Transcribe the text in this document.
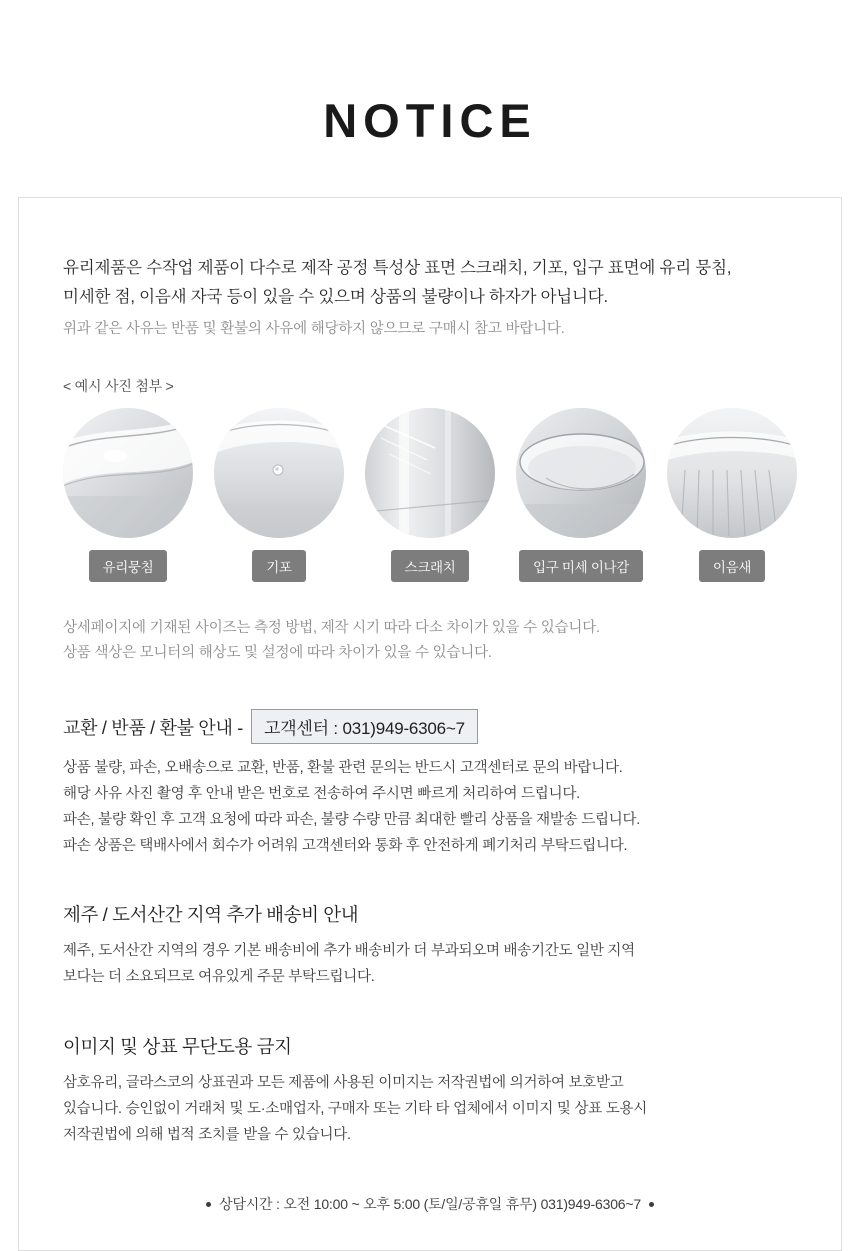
NOTICE
유리제품은 수작업 제품이 다수로 제작 공정 특성상 표면 스크래치, 기포, 입구 표면에 유리 뭉침,
미세한 점, 이음새 자국 등이 있을 수 있으며 상품의 불량이나 하자가 아닙니다.
위과 같은 사유는 반품 및 환불의 사유에 해당하지 않으므로 구매시 참고 바랍니다.
< 예시 사진 첨부 >
유리뭉침	기포	스크래치	입구 미세 이나감	이음새
상세페이지에 기재된 사이즈는 측정 방법, 제작 시기 따라 다소 차이가 있을 수 있습니다.
상품 색상은 모니터의 해상도 및 설정에 따라 차이가 있을 수 있습니다.
교환 / 반품 / 환불 안내 -	고객센터 : 031)949-6306~7
상품 불량, 파손, 오배송으로 교환, 반품, 환불 관련 문의는 반드시 고객센터로 문의 바랍니다.
해당 사유 사진 촬영 후 안내 받은 번호로 전송하여 주시면 빠르게 처리하여 드립니다.
파손, 불량 확인 후 고객 요청에 따라 파손, 불량 수량 만큼 최대한 빨리 상품을 재발송 드립니다.
파손 상품은 택배사에서 회수가 어려워 고객센터와 통화 후 안전하게 폐기처리 부탁드립니다.
제주 / 도서산간 지역 추가 배송비 안내
제주, 도서산간 지역의 경우 기본 배송비에 추가 배송비가 더 부과되오며 배송기간도 일반 지역
보다는 더 소요되므로 여유있게 주문 부탁드립니다.
이미지 및 상표 무단도용 금지
삼호유리, 글라스코의 상표권과 모든 제품에 사용된 이미지는 저작권법에 의거하여 보호받고
있습니다. 승인없이 거래처 및 도·소매업자, 구매자 또는 기타 타 업체에서 이미지 및 상표 도용시
저작권법에 의해 법적 조치를 받을 수 있습니다.
상담시간 : 오전 10:00 ~ 오후 5:00 (토/일/공휴일 휴무) 031)949-6306~7
